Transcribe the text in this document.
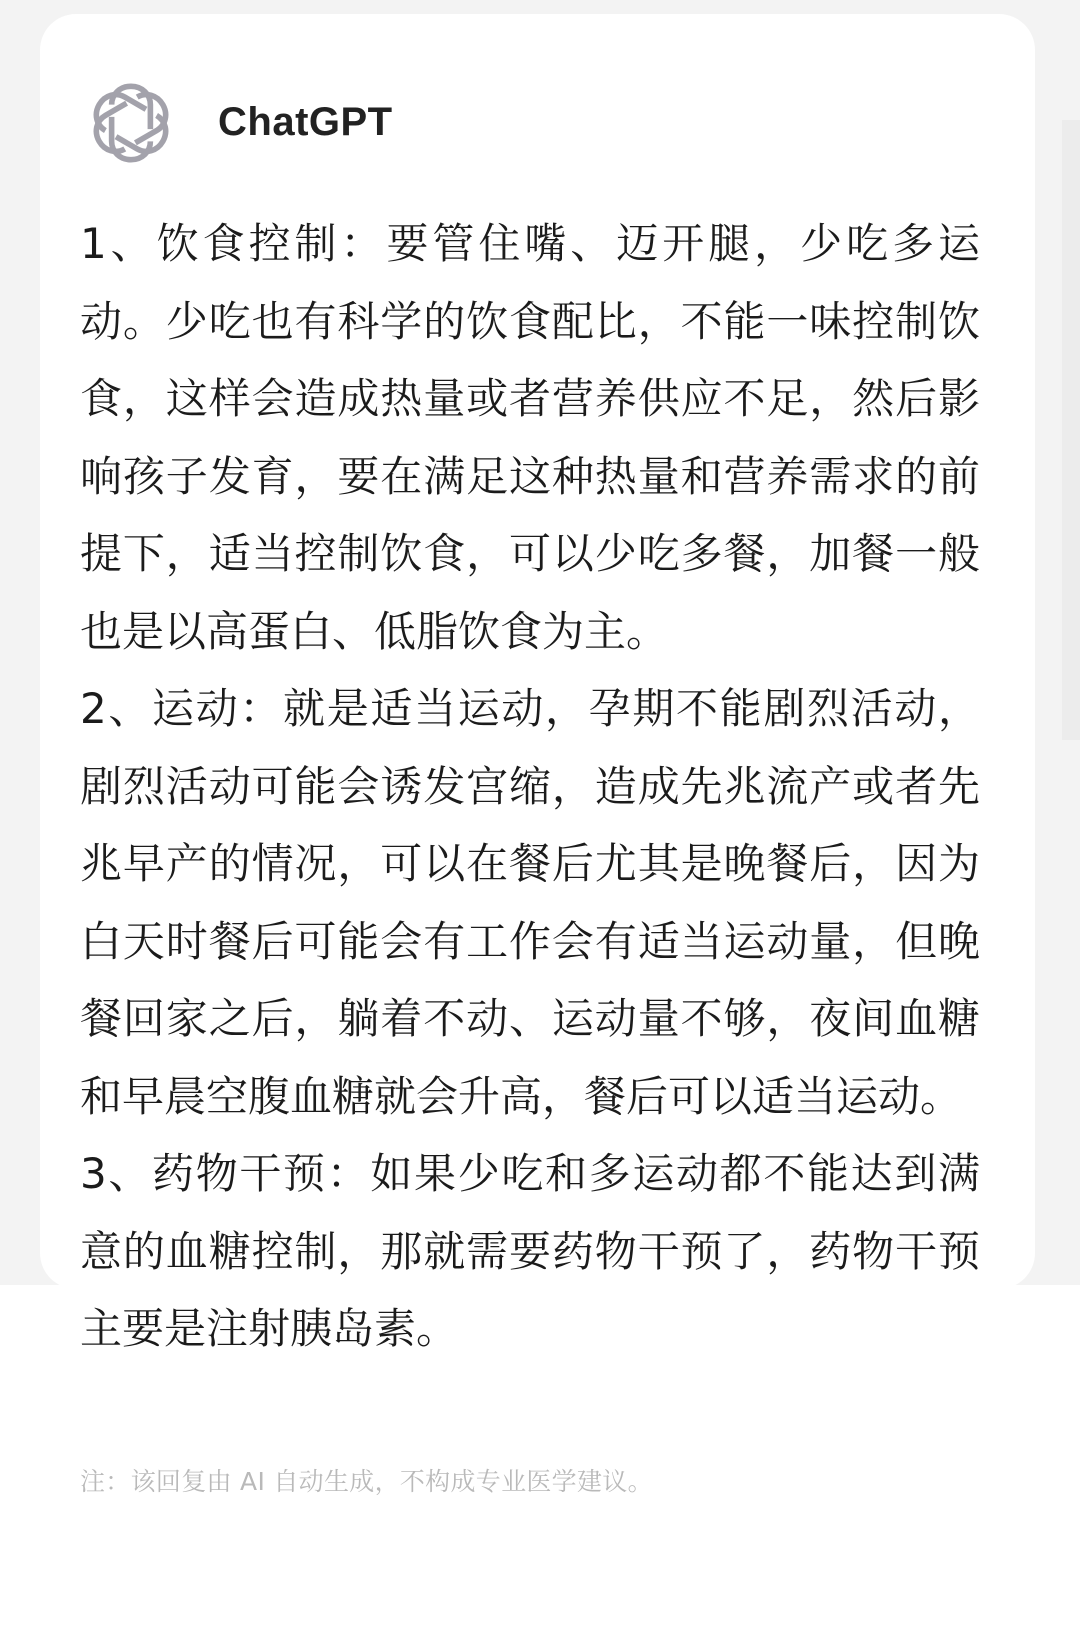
ChatGPT

1、饮食控制：要管住嘴、迈开腿，少吃多运动。少吃也有科学的饮食配比，不能一味控制饮食，这样会造成热量或者营养供应不足，然后影响孩子发育，要在满足这种热量和营养需求的前提下，适当控制饮食，可以少吃多餐，加餐一般也是以高蛋白、低脂饮食为主。

2、运动：就是适当运动，孕期不能剧烈活动，剧烈活动可能会诱发宫缩，造成先兆流产或者先兆早产的情况，可以在餐后尤其是晚餐后，因为白天时餐后可能会有工作会有适当运动量，但晚餐回家之后，躺着不动、运动量不够，夜间血糖和早晨空腹血糖就会升高，餐后可以适当运动。

3、药物干预：如果少吃和多运动都不能达到满意的血糖控制，那就需要药物干预了，药物干预主要是注射胰岛素。

注：该回复由 AI 自动生成，不构成专业医学建议。
